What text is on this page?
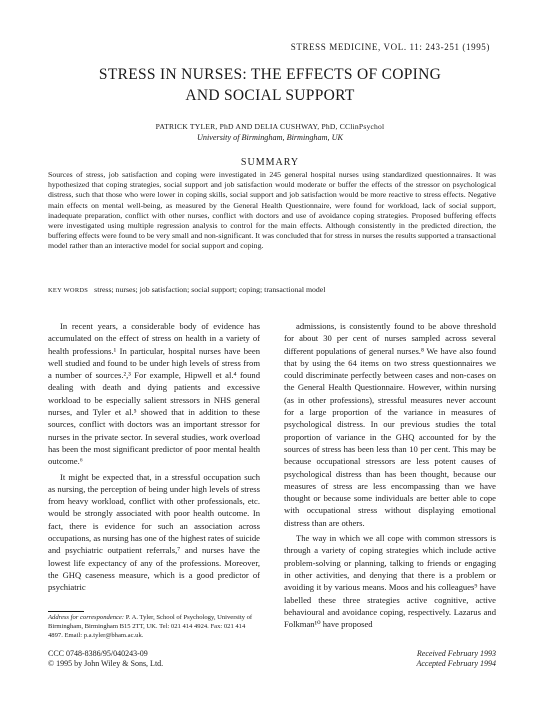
STRESS MEDICINE, VOL. 11: 243-251 (1995)
STRESS IN NURSES: THE EFFECTS OF COPING
AND SOCIAL SUPPORT
PATRICK TYLER, PhD AND DELIA CUSHWAY, PhD, CClinPsychol
University of Birmingham, Birmingham, UK
SUMMARY

Sources of stress, job satisfaction and coping were investigated in 245 general hospital nurses using standardized questionnaires. It was hypothesized that coping strategies, social support and job satisfaction would moderate or buffer the effects of the stressor on psychological distress, such that those who were lower in coping skills, social support and job satisfaction would be more reactive to stress effects. Negative main effects on mental well-being, as measured by the General Health Questionnaire, were found for workload, lack of social support, inadequate preparation, conflict with other nurses, conflict with doctors and use of avoidance coping strategies. Proposed buffering effects were investigated using multiple regression analysis to control for the main effects. Although consistently in the predicted direction, the buffering effects were found to be very small and non-significant. It was concluded that for stress in nurses the results supported a transactional model rather than an interactive model for social support and coping.

KEY WORDS stress; nurses; job satisfaction; social support; coping; transactional model

In recent years, a considerable body of evidence has accumulated on the effect of stress on health in a variety of health professions.¹ In particular, hospital nurses have been well studied and found to be under high levels of stress from a number of sources.²,³ For example, Hipwell et al.⁴ found dealing with death and dying patients and excessive workload to be especially salient stressors in NHS general nurses, and Tyler et al.⁵ showed that in addition to these sources, conflict with doctors was an important stressor for nurses in the private sector. In several studies, work overload has been the most significant predictor of poor mental health outcome.⁶

It might be expected that, in a stressful occupation such as nursing, the perception of being under high levels of stress from heavy workload, conflict with other professionals, etc. would be strongly associated with poor health outcome. In fact, there is evidence for such an association across occupations, as nursing has one of the highest rates of suicide and psychiatric outpatient referrals,⁷ and nurses have the lowest life expectancy of any of the professions. Moreover, the GHQ caseness measure, which is a good predictor of psychiatric

admissions, is consistently found to be above threshold for about 30 per cent of nurses sampled across several different populations of general nurses.⁸ We have also found that by using the 64 items on two stress questionnaires we could discriminate perfectly between cases and non-cases on the General Health Questionnaire. However, within nursing (as in other professions), stressful measures never account for a large proportion of the variance in measures of psychological distress. In our previous studies the total proportion of variance in the GHQ accounted for by the sources of stress has been less than 10 per cent. This may be because occupational stressors are less potent causes of psychological distress than has been thought, because our measures of stress are less encompassing than we have thought or because some individuals are better able to cope with occupational stress without displaying emotional distress than are others.

The way in which we all cope with common stressors is through a variety of coping strategies which include active problem-solving or planning, talking to friends or engaging in other activities, and denying that there is a problem or avoiding it by various means. Moos and his colleagues⁹ have labelled these three strategies active cognitive, active behavioural and avoidance coping, respectively. Lazarus and Folkman¹⁰ have proposed

Address for correspondence: P. A. Tyler, School of Psychology, University of Birmingham, Birmingham B15 2TT, UK. Tel: 021 414 4924. Fax: 021 414 4897. Email: p.a.tyler@bham.ac.uk.
CCC 0748-8386/95/040243-09
© 1995 by John Wiley & Sons, Ltd.
Received February 1993
Accepted February 1994
